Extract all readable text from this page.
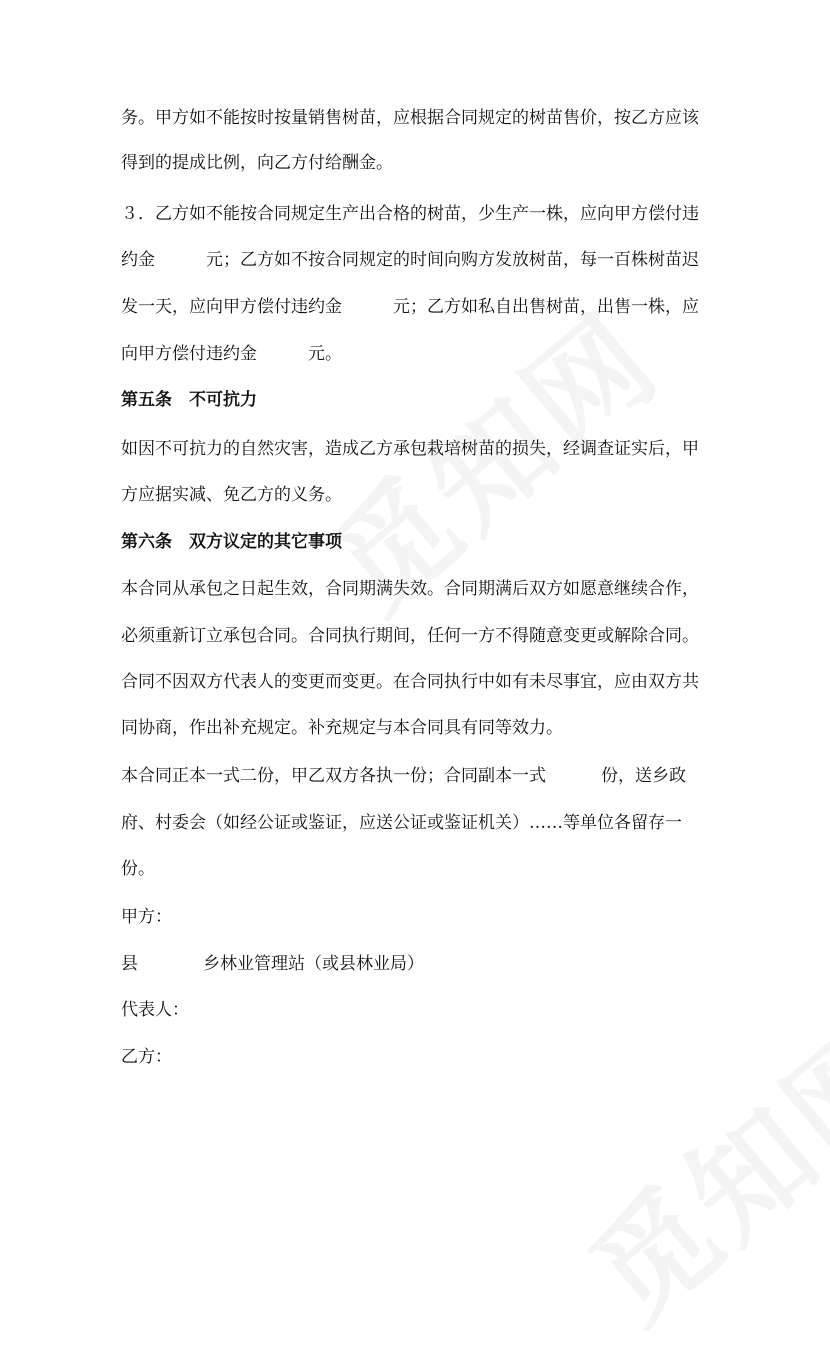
务。甲方如不能按时按量销售树苗，应根据合同规定的树苗售价，按乙方应该
得到的提成比例，向乙方付给酬金。
３．乙方如不能按合同规定生产出合格的树苗，少生产一株，应向甲方偿付违
约金	元；乙方如不按合同规定的时间向购方发放树苗，每一百株树苗迟
发一天，应向甲方偿付违约金	元；乙方如私自出售树苗，出售一株，应
向甲方偿付违约金	元。
第五条　不可抗力
如因不可抗力的自然灾害，造成乙方承包栽培树苗的损失，经调查证实后，甲
方应据实减、免乙方的义务。
第六条　双方议定的其它事项
本合同从承包之日起生效，合同期满失效。合同期满后双方如愿意继续合作，
必须重新订立承包合同。合同执行期间，任何一方不得随意变更或解除合同。
合同不因双方代表人的变更而变更。在合同执行中如有未尽事宜，应由双方共
同协商，作出补充规定。补充规定与本合同具有同等效力。
本合同正本一式二份，甲乙双方各执一份；合同副本一式	份，送乡政
府、村委会（如经公证或鉴证，应送公证或鉴证机关）……等单位各留存一
份。
甲方：
县	乡林业管理站（或县林业局）
代表人：
乙方：
